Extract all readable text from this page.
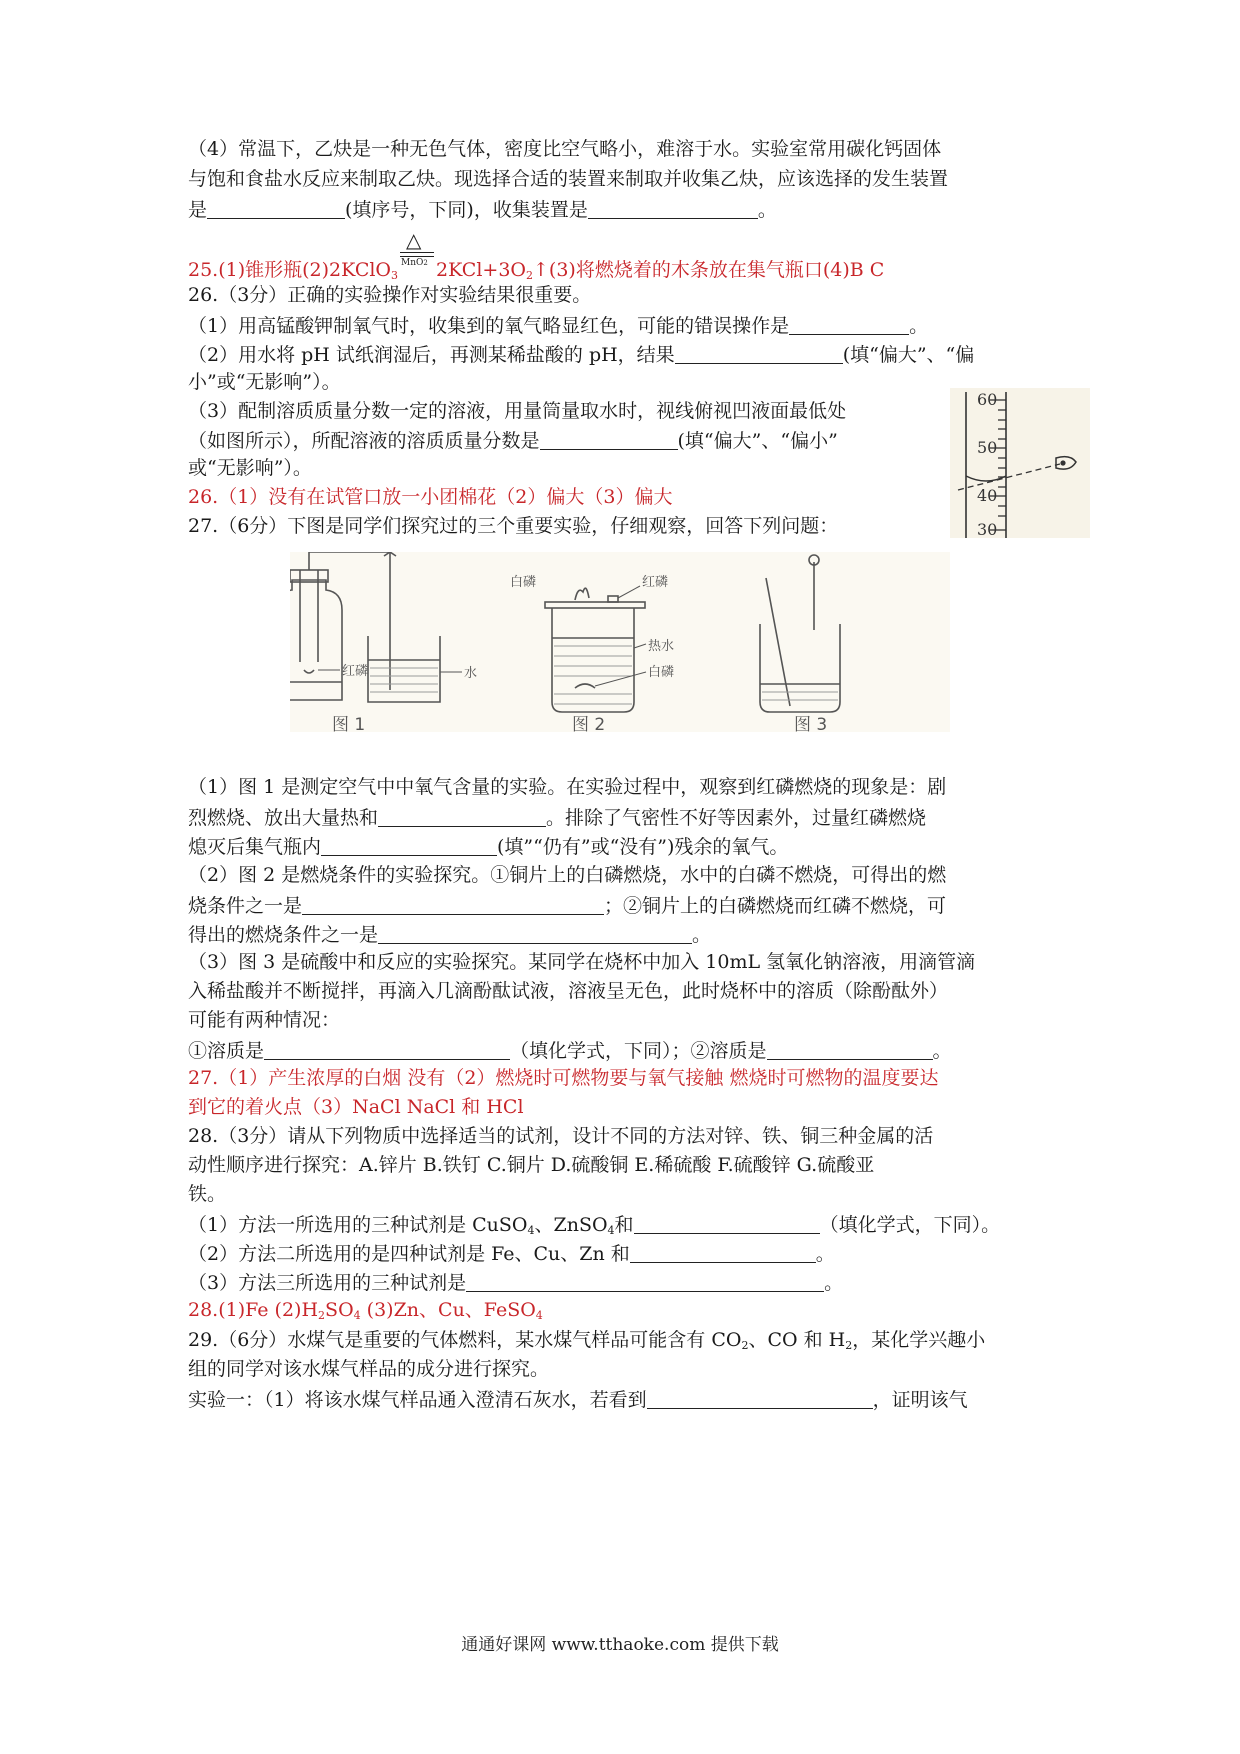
（4）常温下，乙炔是一种无色气体，密度比空气略小，难溶于水。实验室常用碳化钙固体
与饱和食盐水反应来制取乙炔。现选择合适的装置来制取并收集乙炔，应该选择的发生装置
是	(填序号，下同)，收集装置是	。
25.(1)锥形瓶(2)2KClO$_3$
△
MnO2 $2KCl+3O_2↑(3)$将燃烧着的木条放在集气瓶口(4)B C
26.（3分）正确的实验操作对实验结果很重要。
（1）用高锰酸钾制氧气时，收集到的氧气略显红色，可能的错误操作是	。
（2）用水将 pH 试纸润湿后，再测某稀盐酸的 pH，结果	(填“偏大”、“偏
小”或“无影响”）。
（3）配制溶质质量分数一定的溶液，用量筒量取水时，视线俯视凹液面最低处
（如图所示），所配溶液的溶质质量分数是	(填“偏大”、“偏小”
或“无影响”）。
26.（1）没有在试管口放一小团棉花（2）偏大（3）偏大
60
50
40
30
27.（6分）下图是同学们探究过的三个重要实验，仔细观察，回答下列问题：
红磷	水
图 1
白磷	红磷
热水
白磷
图 2	图 3
（1）图 1 是测定空气中中氧气含量的实验。在实验过程中，观察到红磷燃烧的现象是：剧
烈燃烧、放出大量热和	。排除了气密性不好等因素外，过量红磷燃烧
熄灭后集气瓶内	(填”“仍有”或“没有”)残余的氧气。
（2）图 2 是燃烧条件的实验探究。①铜片上的白磷燃烧，水中的白磷不燃烧，可得出的燃
烧条件之一是	；②铜片上的白磷燃烧而红磷不燃烧，可
得出的燃烧条件之一是	。
（3）图 3 是硫酸中和反应的实验探究。某同学在烧杯中加入 10mL 氢氧化钠溶液，用滴管滴
入稀盐酸并不断搅拌，再滴入几滴酚酞试液，溶液呈无色，此时烧杯中的溶质（除酚酞外）
可能有两种情况：
①溶质是	（填化学式，下同）；②溶质是	。
27.（1）产生浓厚的白烟 没有（2）燃烧时可燃物要与氧气接触 燃烧时可燃物的温度要达
到它的着火点（3）NaCl NaCl 和 HCl
28.（3分）请从下列物质中选择适当的试剂，设计不同的方法对锌、铁、铜三种金属的活
动性顺序进行探究：A.锌片 B.铁钉 C.铜片 D.硫酸铜 E.稀硫酸 F.硫酸锌 G.硫酸亚
铁。
（1）方法一所选用的三种试剂是 CuSO$_4$、ZnSO$_4$和	（填化学式，下同）。
（2）方法二所选用的是四种试剂是 Fe、Cu、Zn 和	。
（3）方法三所选用的三种试剂是	。
28.(1)Fe $(2)H_2SO_4$ (3)Zn、Cu、FeSO$_4$
29.（6分）水煤气是重要的气体燃料，某水煤气样品可能含有 $CO_2$、CO 和 $H_2$，某化学兴趣小
组的同学对该水煤气样品的成分进行探究。
实验一：（1）将该水煤气样品通入澄清石灰水，若看到	，证明该气
通通好课网 www.tthaoke.com 提供下载
